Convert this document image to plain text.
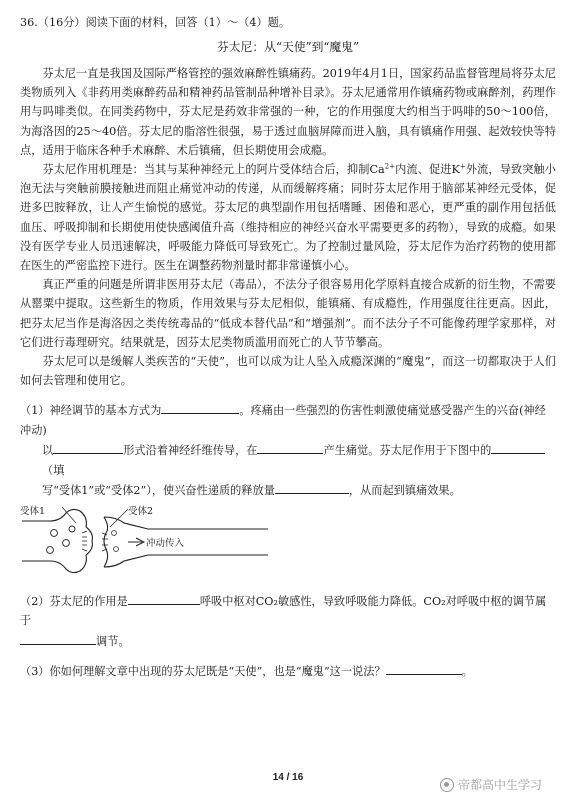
36.（16分）阅读下面的材料，回答（1）～（4）题。

芬太尼：从“天使”到“魔鬼”

芬太尼一直是我国及国际严格管控的强效麻醉性镇痛药。2019年4月1日，国家药品监督管理局将芬太尼类物质列入《非药用类麻醉药品和精神药品管制品种增补目录》。芬太尼通常用作镇痛药物或麻醉剂，药理作用与吗啡类似。在同类药物中，芬太尼是药效非常强的一种，它的作用强度大约相当于吗啡的50～100倍，为海洛因的25～40倍。芬太尼的脂溶性很强，易于透过血脑屏障而进入脑，具有镇痛作用强、起效较快等特点，适用于临床各种手术麻醉、术后镇痛，但长期使用会成瘾。

芬太尼作用机理是：当其与某种神经元上的阿片受体结合后，抑制$Ca^{2+}$内流、促进K+外流，导致突触小泡无法与突触前膜接触进而阻止痛觉冲动的传递，从而缓解疼痛；同时芬太尼作用于脑部某神经元受体，促进多巴胺释放，让人产生愉悦的感觉。芬太尼的典型副作用包括嗜睡、困倦和恶心，更严重的副作用包括低血压、呼吸抑制和长期使用使快感阈值升高（维持相应的神经兴奋水平需要更多的药物），导致的成瘾。如果没有医学专业人员迅速解决，呼吸能力降低可导致死亡。为了控制过量风险，芬太尼作为治疗药物的使用都在医生的严密监控下进行。医生在调整药物剂量时都非常谨慎小心。

真正严重的问题是所谓非医用芬太尼（毒品），不法分子很容易用化学原料直接合成新的衍生物，不需要从罂粟中提取。这些新生的物质，作用效果与芬太尼相似，能镇痛、有成瘾性，作用强度往往更高。因此，把芬太尼当作是海洛因之类传统毒品的“低成本替代品”和“增强剂”。而不法分子不可能像药理学家那样，对它们进行毒理研究。结果就是，因芬太尼类物质滥用而死亡的人节节攀高。

芬太尼可以是缓解人类疾苦的“天使”，也可以成为让人坠入成瘾深渊的“魔鬼”，而这一切都取决于人们如何去管理和使用它。

（1）神经调节的基本方式为	。疼痛由一些强烈的伤害性刺激使痛觉感受器产生的兴奋(神经冲动)

以	形式沿着神经纤维传导，在	产生痛觉。芬太尼作用于下图中的（填

写“受体1”或“受体2”），使兴奋性递质的释放量	，从而起到镇痛效果。

受体1	受体2
冲动传入

（2）芬太尼的作用是	呼吸中枢对CO₂敏感性，导致呼吸能力降低。CO₂对呼吸中枢的调节属于

调节。

（3）你如何理解文章中出现的芬太尼既是“天使”，也是“魔鬼”这一说法？	。

14 / 16
帝都高中生学习
